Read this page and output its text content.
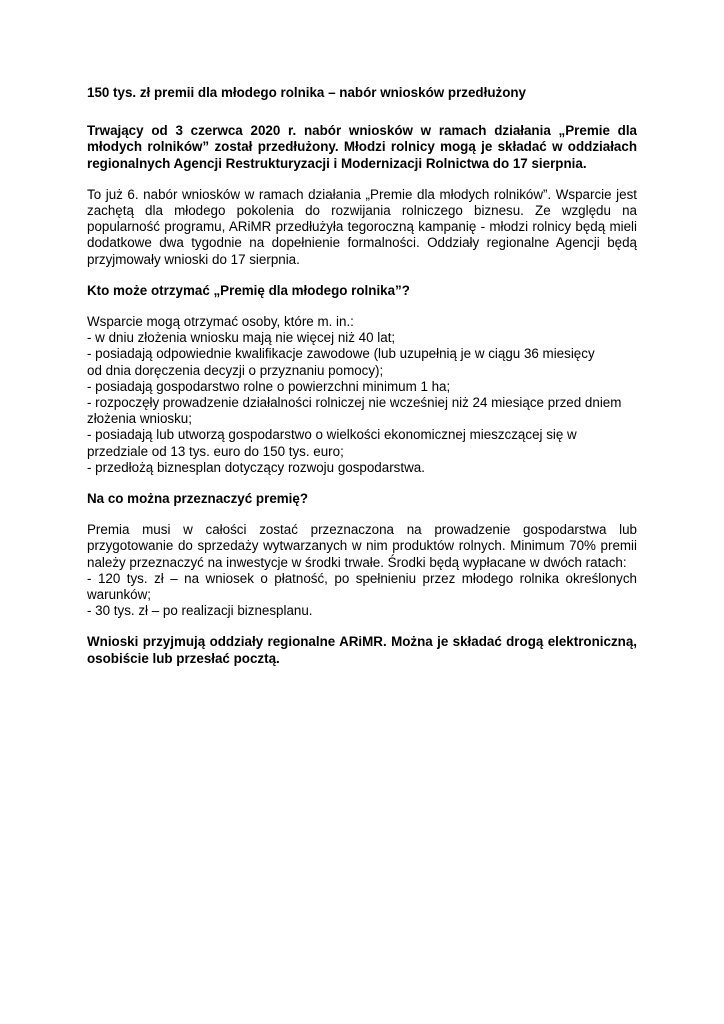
150 tys. zł premii dla młodego rolnika – nabór wniosków przedłużony

Trwający od 3 czerwca 2020 r. nabór wniosków w ramach działania „Premie dla młodych rolników” został przedłużony. Młodzi rolnicy mogą je składać w oddziałach regionalnych Agencji Restrukturyzacji i Modernizacji Rolnictwa do 17 sierpnia.

To już 6. nabór wniosków w ramach działania „Premie dla młodych rolników”. Wsparcie jest zachętą dla młodego pokolenia do rozwijania rolniczego biznesu. Ze względu na popularność programu, ARiMR przedłużyła tegoroczną kampanię - młodzi rolnicy będą mieli dodatkowe dwa tygodnie na dopełnienie formalności. Oddziały regionalne Agencji będą przyjmowały wnioski do 17 sierpnia.

Kto może otrzymać „Premię dla młodego rolnika”?

Wsparcie mogą otrzymać osoby, które m. in.:
- w dniu złożenia wniosku mają nie więcej niż 40 lat;
- posiadają odpowiednie kwalifikacje zawodowe (lub uzupełnią je w ciągu 36 miesięcy
od dnia doręczenia decyzji o przyznaniu pomocy);
- posiadają gospodarstwo rolne o powierzchni minimum 1 ha;
- rozpoczęły prowadzenie działalności rolniczej nie wcześniej niż 24 miesiące przed dniem
złożenia wniosku;
- posiadają lub utworzą gospodarstwo o wielkości ekonomicznej mieszczącej się w
przedziale od 13 tys. euro do 150 tys. euro;
- przedłożą biznesplan dotyczący rozwoju gospodarstwa.

Na co można przeznaczyć premię?

Premia musi w całości zostać przeznaczona na prowadzenie gospodarstwa lub przygotowanie do sprzedaży wytwarzanych w nim produktów rolnych. Minimum 70% premii należy przeznaczyć na inwestycje w środki trwałe. Środki będą wypłacane w dwóch ratach:

- 120 tys. zł – na wniosek o płatność, po spełnieniu przez młodego rolnika określonych warunków;

- 30 tys. zł – po realizacji biznesplanu.

Wnioski przyjmują oddziały regionalne ARiMR. Można je składać drogą elektroniczną, osobiście lub przesłać pocztą.
